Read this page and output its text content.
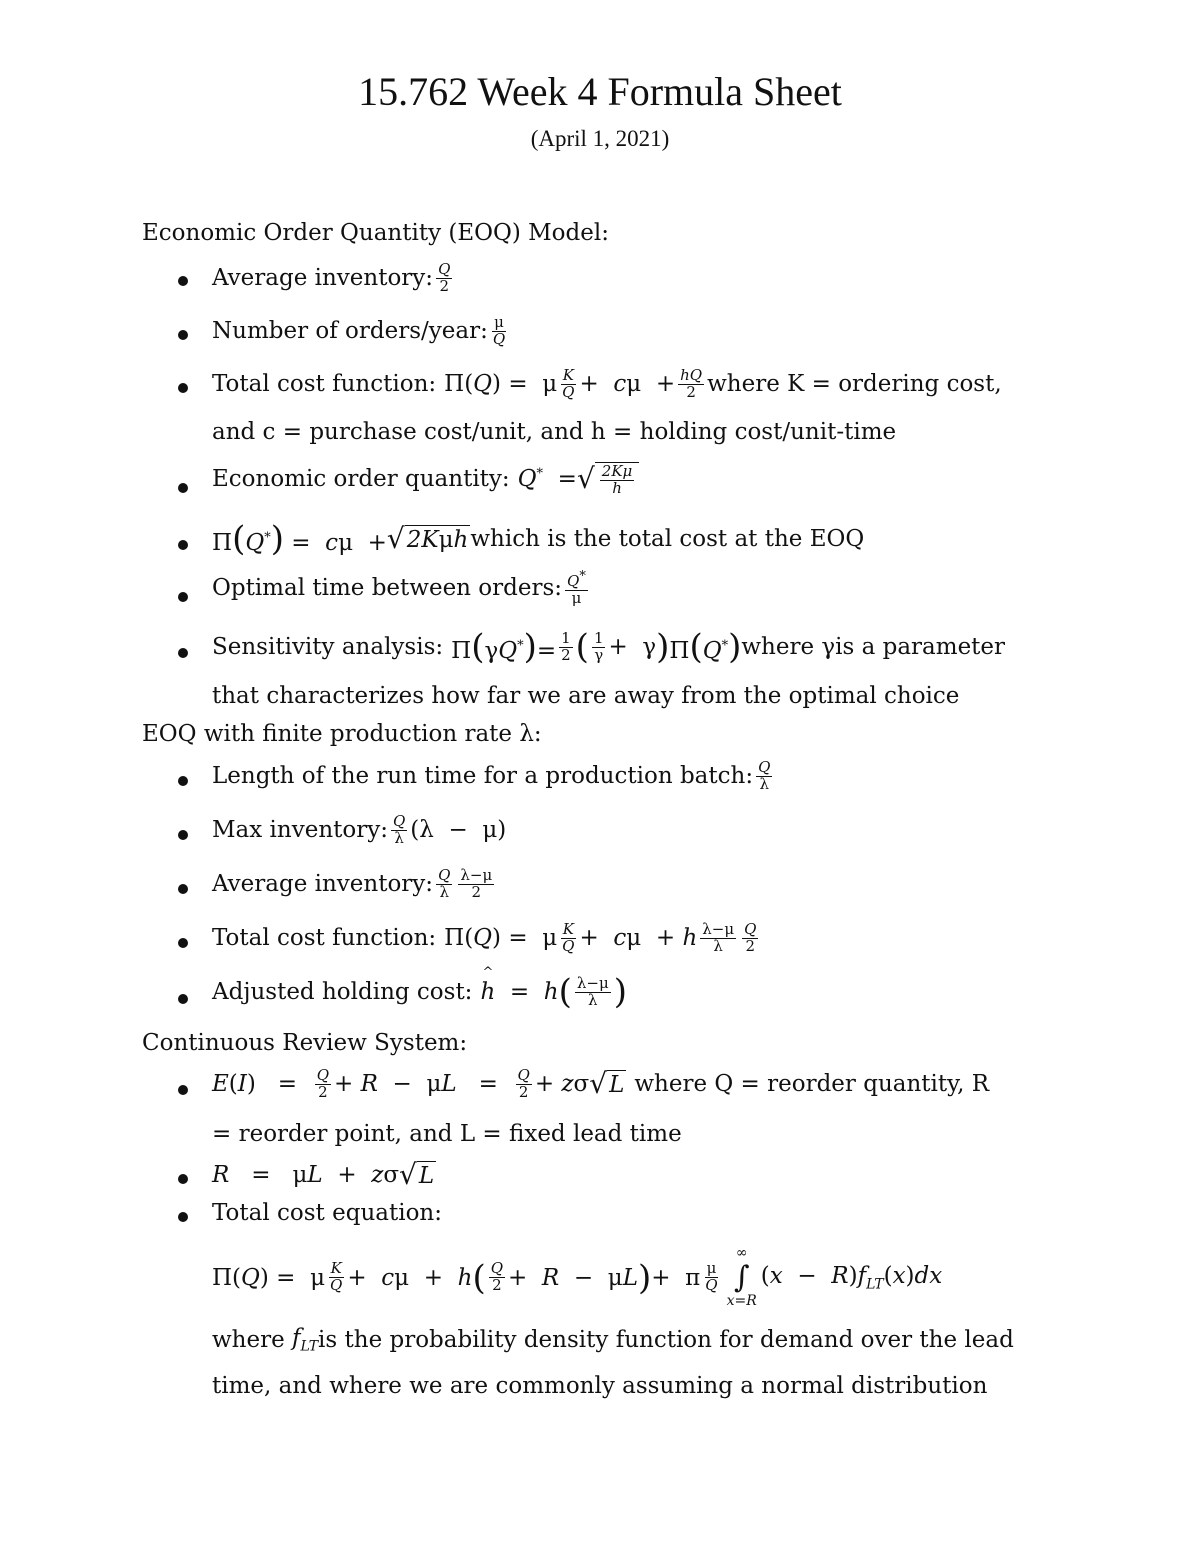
15.762 Week 4 Formula Sheet
(April 1, 2021)
Economic Order Quantity (EOQ) Model:
Average inventory: $\frac{Q}{2}$
Number of orders/year: $\frac{\mu}{Q}$
Total cost function: Π(Q) =  μ $\frac{K}{Q} + c\mu + \frac{hQ}{2}$ where K = ordering cost,
and c = purchase cost/unit, and h = holding cost/unit-time
Economic order quantity: Q*  = √ $\frac{2K\mu}{h}$
Π(Q*) =  cμ  + √ 2K μ h which is the total cost at the EOQ
Optimal time between orders: $\frac{Q^*}{\mu}$
Sensitivity analysis: $\Pi(\gamma Q^*)= \frac{1}{2}$ ( $\frac{1}{\gamma} + \gamma$ ) Π(Q*) where γis a parameter
that characterizes how far we are away from the optimal choice
EOQ with finite production rate λ:
Length of the run time for a production batch: $\frac{Q}{\lambda}$
Max inventory: $\frac{Q}{\lambda} (\lambda - \mu)$
Average inventory: $\frac{Q}{\lambda} \frac{\lambda-\mu}{2}$
Total cost function: Π(Q) =  μ $\frac{K}{Q} + c\mu + h \frac{\lambda-\mu}{\lambda} \frac{Q}{2}$
Adjusted holding cost: h
^
=  h ( $\frac{\lambda-\mu}{\lambda}$ )
Continuous Review System:
$E(I) = \frac{Q}{2} + R - \mu L = \frac{Q}{2} + z\sigma$ √ L where Q = reorder quantity, R
= reorder point, and L = fixed lead time
R   =   μL  +  zσ √ L
Total cost equation:
Π(Q) =  μ $\frac{K}{Q} + c\mu + h$ ( $\frac{Q}{2} + R - \mu L$ ) +  π $\frac{\mu}{Q}$
∞
∫
x=R
$(x - R)f_{LT}(x)dx$
where $f_{LT}$ is the probability density function for demand over the lead
time, and where we are commonly assuming a normal distribution
